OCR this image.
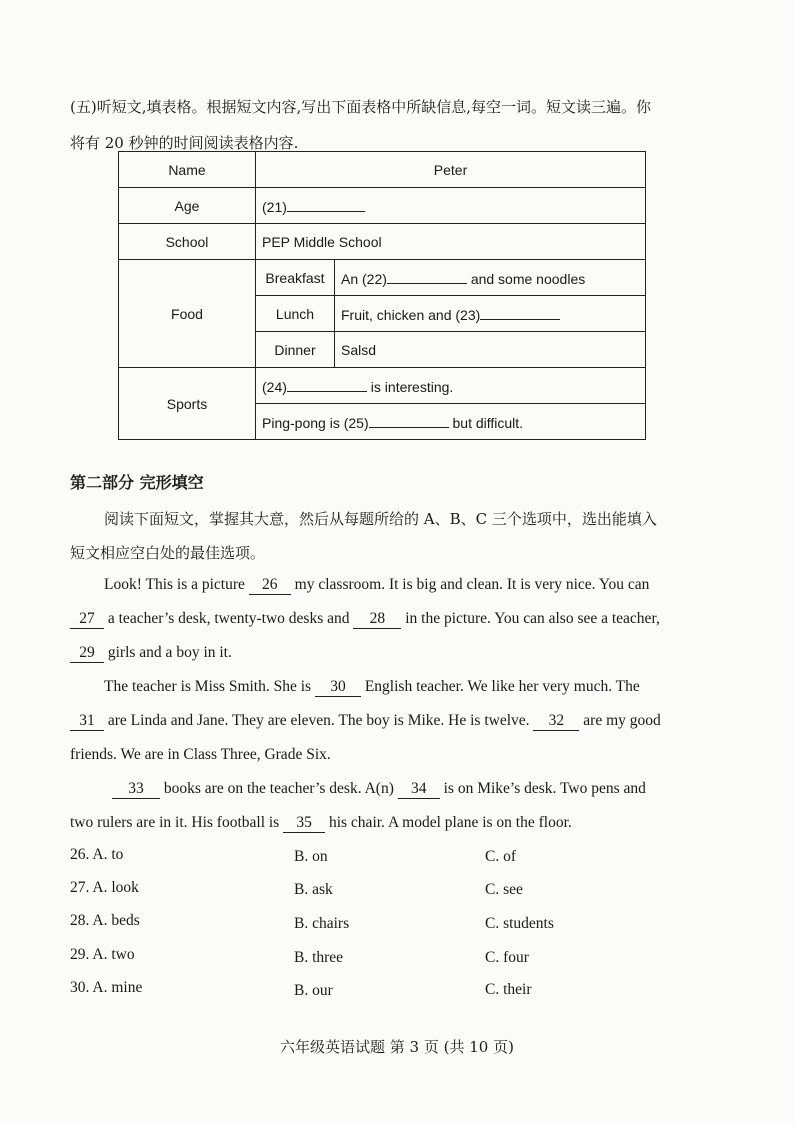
(五)听短文,填表格。根据短文内容,写出下面表格中所缺信息,每空一词。短文读三遍。你
将有 20 秒钟的时间阅读表格内容.
Name	Peter	
Age	(21)	
School	PEP Middle School	
Food	Breakfast	An (22) and some noodles
	Lunch	Fruit, chicken and (23)
	Dinner	Salsd
Sports	(24) is interesting.	
	Ping-pong is (25) but difficult.	
第二部分 完形填空
阅读下面短文，掌握其大意，然后从每题所给的 A、B、C 三个选项中，选出能填入
短文相应空白处的最佳选项。
Look! This is a picture 26 my classroom. It is big and clean. It is very nice. You can
27 a teacher’s desk, twenty-two desks and 28 in the picture. You can also see a teacher,
29 girls and a boy in it.
The teacher is Miss Smith. She is 30 English teacher. We like her very much. The
31 are Linda and Jane. They are eleven. The boy is Mike. He is twelve. 32 are my good
friends. We are in Class Three, Grade Six.
33 books are on the teacher’s desk. A(n) 34 is on Mike’s desk. Two pens and
two rulers are in it. His football is 35 his chair. A model plane is on the floor.
26. A. to	B. on	C. of
27. A. look	B. ask	C. see
28. A. beds	B. chairs	C. students
29. A. two	B. three	C. four
30. A. mine	B. our	C. their
六年级英语试题 第 3 页 (共 10 页)
